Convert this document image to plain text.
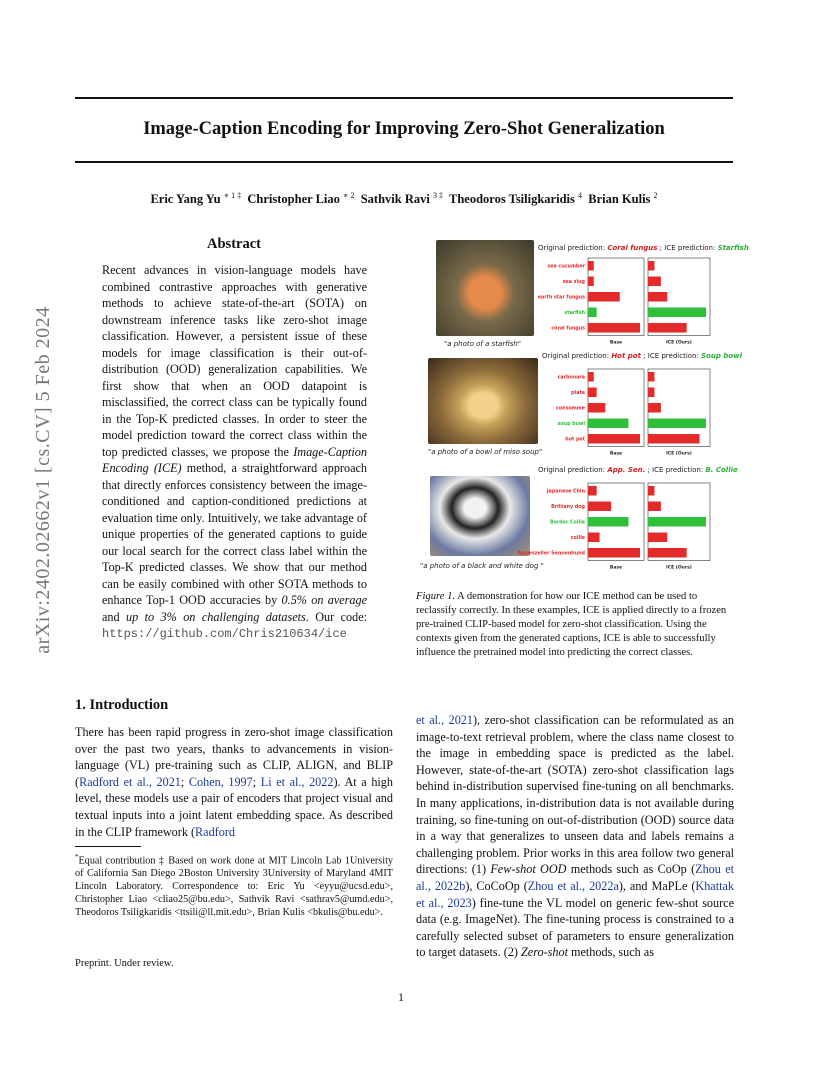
Image-Caption Encoding for Improving Zero-Shot Generalization
Eric Yang Yu $^{∗ 1 \ddagger}$ Christopher Liao $^{∗ 2}$ Sathvik Ravi $^{3 \ddagger}$ Theodoros Tsiligkaridis $^4$ Brian Kulis $^2$
arXiv:2402.02662v1 [cs.CV] 5 Feb 2024
Abstract
Recent advances in vision-language models have combined contrastive approaches with generative methods to achieve state-of-the-art (SOTA) on downstream inference tasks like zero-shot image classification. However, a persistent issue of these models for image classification is their out-of-distribution (OOD) generalization capabilities. We first show that when an OOD datapoint is misclassified, the correct class can be typically found in the Top-K predicted classes. In order to steer the model prediction toward the correct class within the top predicted classes, we propose the Image-Caption Encoding (ICE) method, a straightforward approach that directly enforces consistency between the image-conditioned and caption-conditioned predictions at evaluation time only. Intuitively, we take advantage of unique properties of the generated captions to guide our local search for the correct class label within the Top-K predicted classes. We show that our method can be easily combined with other SOTA methods to enhance Top-1 OOD accuracies by 0.5% on average and up to 3% on challenging datasets. Our code: https://github.com/Chris210634/ice
1. Introduction
There has been rapid progress in zero-shot image classification over the past two years, thanks to advancements in vision-language (VL) pre-training such as CLIP, ALIGN, and BLIP (Radford et al., 2021; Cohen, 1997; Li et al., 2022). At a high level, these models use a pair of encoders that project visual and textual inputs into a joint latent embedding space. As described in the CLIP framework (Radford
*Equal contribution ‡ Based on work done at MIT Lincoln Lab 1University of California San Diego 2Boston University 3University of Maryland 4MIT Lincoln Laboratory. Correspondence to: Eric Yu <eyyu@ucsd.edu>, Christopher Liao <cliao25@bu.edu>, Sathvik Ravi <sathrav5@umd.edu>, Theodoros Tsiligkaridis <ttsili@ll.mit.edu>, Brian Kulis <bkulis@bu.edu>.
Preprint. Under review.
1
et al., 2021), zero-shot classification can be reformulated as an image-to-text retrieval problem, where the class name closest to the image in embedding space is predicted as the label. However, state-of-the-art (SOTA) zero-shot classification lags behind in-distribution supervised fine-tuning on all benchmarks. In many applications, in-distribution data is not available during training, so fine-tuning on out-of-distribution (OOD) source data in a way that generalizes to unseen data and labels remains a challenging problem. Prior works in this area follow two general directions: (1) Few-shot OOD methods such as CoOp (Zhou et al., 2022b), CoCoOp (Zhou et al., 2022a), and MaPLe (Khattak et al., 2023) fine-tune the VL model on generic few-shot source data (e.g. ImageNet). The fine-tuning process is constrained to a carefully selected subset of parameters to ensure generalization to target datasets. (2) Zero-shot methods, such as
"a photo of a starfish"
Original prediction: Coral fungus ; ICE prediction: Starfish
"a photo of a bowl of miso soup"
Original prediction: Hot pot ; ICE prediction: Soup bowl
"a photo of a black and white dog "
Original prediction: App. Sen. ; ICE prediction: B. Collie
sea cucumber
sea slug
earth star fungus
starfish
coral fungus
Base	ICE (Ours)
carbonara
plate
consomme
soup bowl
hot pot
Base	ICE (Ours)
Japanese Chin
Brittany dog
Border Collie
collie
Appenzeller Sennenhund
Base	ICE (Ours)
Figure 1. A demonstration for how our ICE method can be used to reclassify correctly. In these examples, ICE is applied directly to a frozen pre-trained CLIP-based model for zero-shot classification. Using the contexts given from the generated captions, ICE is able to successfully influence the pretrained model into predicting the correct classes.
